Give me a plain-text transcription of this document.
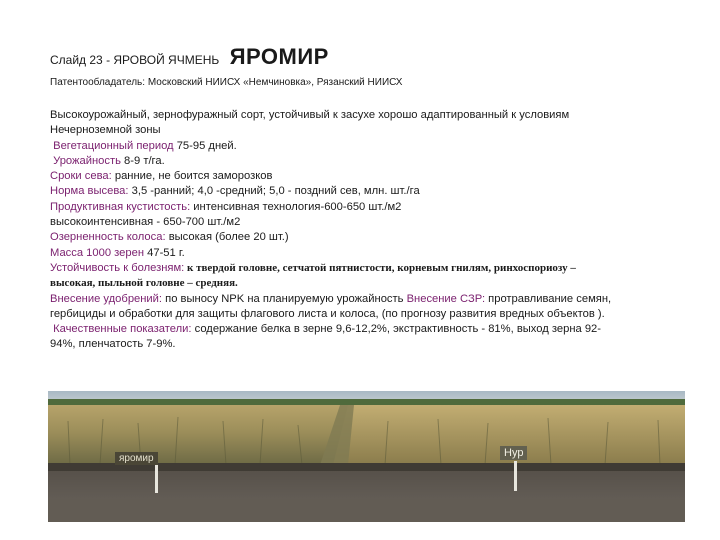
Слайд 23 - ЯРОВОЙ ЯЧМЕНЬ ЯРОМИР
Патентообладатель: Московский НИИСХ «Немчиновка», Рязанский НИИСХ
Высокоурожайный, зернофуражный сорт, устойчивый к засухе хорошо адаптированный к условиям
Нечерноземной зоны
Вегетационный период 75-95 дней.
Урожайность 8-9 т/га.
Сроки сева: ранние, не боится заморозков
Норма высева: 3,5 -ранний; 4,0 -средний; 5,0 - поздний сев, млн. шт./га
Продуктивная кустистость: интенсивная технология-600-650 шт./м2
высокоинтенсивная - 650-700 шт./м2
Озерненность колоса: высокая (более 20 шт.)
Масса 1000 зерен 47-51 г.
Устойчивость к болезням: к твердой головне, сетчатой пятнистости, корневым гнилям, ринхоспориозу –
высокая, пыльной головне – средняя.
Внесение удобрений: по выносу NPK на планируемую урожайность Внесение СЗР: протравливание семян,
гербициды и обработки для защиты флагового листа и колоса, (по прогнозу развития вредных объектов ).
Качественные показатели: содержание белка в зерне 9,6-12,2%, экстрактивность - 81%, выход зерна 92-
94%, пленчатость 7-9%.
яромир	Нур
